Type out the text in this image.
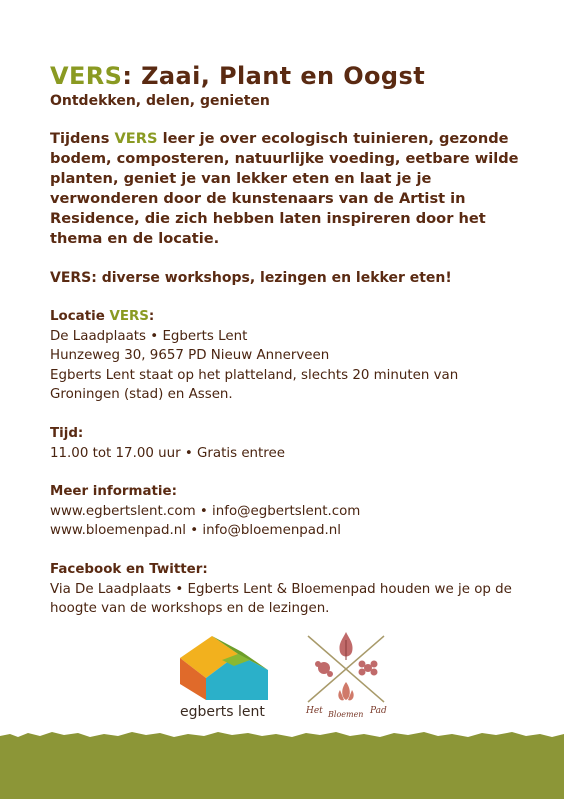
VERS: Zaai, Plant en Oogst
Ontdekken, delen, genieten

Tijdens VERS leer je over ecologisch tuinieren, gezonde bodem, composteren, natuurlijke voeding, eetbare wilde planten, geniet je van lekker eten en laat je je verwonderen door de kunstenaars van de Artist in Residence, die zich hebben laten inspireren door het thema en de locatie.

VERS: diverse workshops, lezingen en lekker eten!
Locatie VERS:
De Laadplaats • Egberts Lent
Hunzeweg 30, 9657 PD Nieuw Annerveen
Egberts Lent staat op het platteland, slechts 20 minuten van Groningen (stad) en Assen.
Tijd:
11.00 tot 17.00 uur • Gratis entree
Meer informatie:
www.egbertslent.com • info@egbertslent.com
www.bloemenpad.nl • info@bloemenpad.nl
Facebook en Twitter:
Via De Laadplaats • Egberts Lent & Bloemenpad houden we je op de hoogte van de workshops en de lezingen.
egberts lent	Het Bloemen Pad
